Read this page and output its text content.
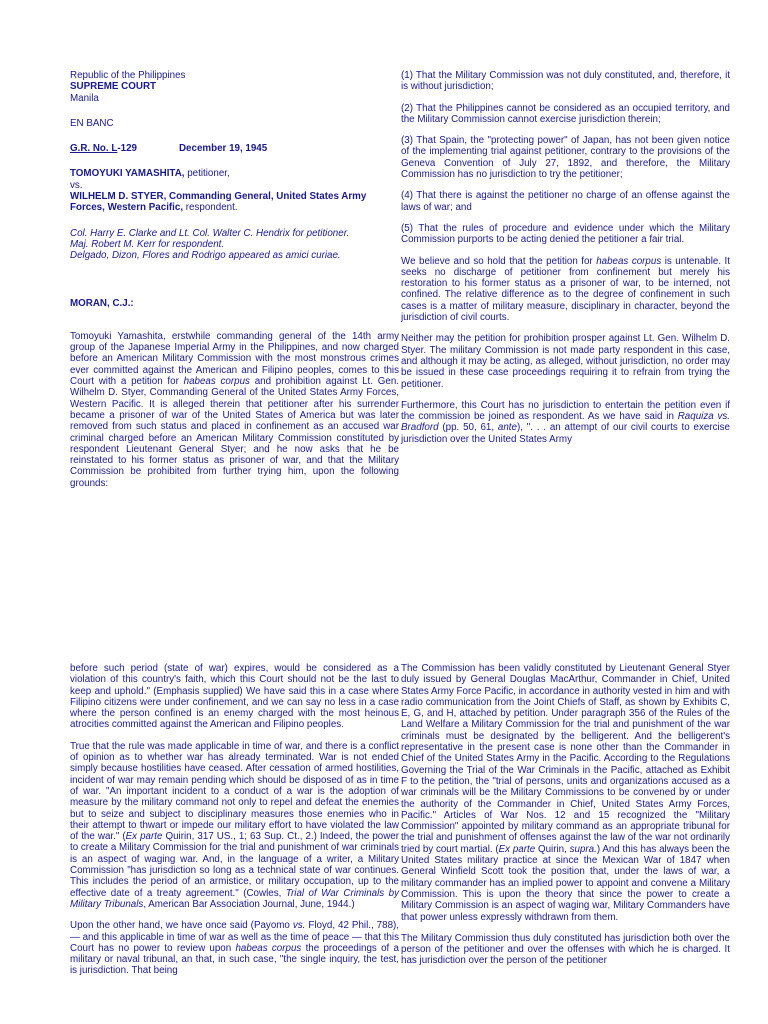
Republic of the Philippines

SUPREME COURT

Manila

EN BANC

G.R. No. L-129	December 19, 1945

TOMOYUKI YAMASHITA, petitioner,

vs.

WILHELM D. STYER, Commanding General, United States Army Forces, Western Pacific, respondent.

Col. Harry E. Clarke and Lt. Col. Walter C. Hendrix for petitioner.

Maj. Robert M. Kerr for respondent.

Delgado, Dizon, Flores and Rodrigo appeared as amici curiae.

MORAN, C.J.:

Tomoyuki Yamashita, erstwhile commanding general of the 14th army group of the Japanese Imperial Army in the Philippines, and now charged before an American Military Commission with the most monstrous crimes ever committed against the American and Filipino peoples, comes to this Court with a petition for habeas corpus and prohibition against Lt. Gen. Wilhelm D. Styer, Commanding General of the United States Army Forces, Western Pacific. It is alleged therein that petitioner after his surrender became a prisoner of war of the United States of America but was later removed from such status and placed in confinement as an accused war criminal charged before an American Military Commission constituted by respondent Lieutenant General Styer; and he now asks that he be reinstated to his former status as prisoner of war, and that the Military Commission be prohibited from further trying him, upon the following grounds:

(1) That the Military Commission was not duly constituted, and, therefore, it is without jurisdiction;

(2) That the Philippines cannot be considered as an occupied territory, and the Military Commission cannot exercise jurisdiction therein;

(3) That Spain, the "protecting power" of Japan, has not been given notice of the implementing trial against petitioner, contrary to the provisions of the Geneva Convention of July 27, 1892, and therefore, the Military Commission has no jurisdiction to try the petitioner;

(4) That there is against the petitioner no charge of an offense against the laws of war; and

(5) That the rules of procedure and evidence under which the Military Commission purports to be acting denied the petitioner a fair trial.

We believe and so hold that the petition for habeas corpus is untenable. It seeks no discharge of petitioner from confinement but merely his restoration to his former status as a prisoner of war, to be interned, not confined. The relative difference as to the degree of confinement in such cases is a matter of military measure, disciplinary in character, beyond the jurisdiction of civil courts.

Neither may the petition for prohibition prosper against Lt. Gen. Wilhelm D. Styer. The military Commission is not made party respondent in this case, and although it may be acting, as alleged, without jurisdiction, no order may be issued in these case proceedings requiring it to refrain from trying the petitioner.

Furthermore, this Court has no jurisdiction to entertain the petition even if the commission be joined as respondent. As we have said in Raquiza vs. Bradford (pp. 50, 61, ante), ". . . an attempt of our civil courts to exercise jurisdiction over the United States Army

before such period (state of war) expires, would be considered as a violation of this country's faith, which this Court should not be the last to keep and uphold." (Emphasis supplied) We have said this in a case where Filipino citizens were under confinement, and we can say no less in a case where the person confined is an enemy charged with the most heinous atrocities committed against the American and Filipino peoples.

True that the rule was made applicable in time of war, and there is a conflict of opinion as to whether war has already terminated. War is not ended simply because hostilities have ceased. After cessation of armed hostilities, incident of war may remain pending which should be disposed of as in time of war. "An important incident to a conduct of a war is the adoption of measure by the military command not only to repel and defeat the enemies but to seize and subject to disciplinary measures those enemies who in their attempt to thwart or impede our military effort to have violated the law of the war." (Ex parte Quirin, 317 US., 1; 63 Sup. Ct., 2.) Indeed, the power to create a Military Commission for the trial and punishment of war criminals is an aspect of waging war. And, in the language of a writer, a Military Commission "has jurisdiction so long as a technical state of war continues. This includes the period of an armistice, or military occupation, up to the effective date of a treaty agreement." (Cowles, Trial of War Criminals by Military Tribunals, American Bar Association Journal, June, 1944.)

Upon the other hand, we have once said (Payomo vs. Floyd, 42 Phil., 788), — and this applicable in time of war as well as the time of peace — that this Court has no power to review upon habeas corpus the proceedings of a military or naval tribunal, an that, in such case, "the single inquiry, the test, is jurisdiction. That being

The Commission has been validly constituted by Lieutenant General Styer duly issued by General Douglas MacArthur, Commander in Chief, United States Army Force Pacific, in accordance in authority vested in him and with radio communication from the Joint Chiefs of Staff, as shown by Exhibits C, E, G, and H, attached by petition. Under paragraph 356 of the Rules of the Land Welfare a Military Commission for the trial and punishment of the war criminals must be designated by the belligerent. And the belligerent's representative in the present case is none other than the Commander in Chief of the United States Army in the Pacific. According to the Regulations Governing the Trial of the War Criminals in the Pacific, attached as Exhibit F to the petition, the "trial of persons, units and organizations accused as a war criminals will be the Military Commissions to be convened by or under the authority of the Commander in Chief, United States Army Forces, Pacific." Articles of War Nos. 12 and 15 recognized the "Military Commission" appointed by military command as an appropriate tribunal for the trial and punishment of offenses against the law of the war not ordinarily tried by court martial. (Ex parte Quirin, supra.) And this has always been the United States military practice at since the Mexican War of 1847 when General Winfield Scott took the position that, under the laws of war, a military commander has an implied power to appoint and convene a Military Commission. This is upon the theory that since the power to create a Military Commission is an aspect of waging war, Military Commanders have that power unless expressly withdrawn from them.

The Military Commission thus duly constituted has jurisdiction both over the person of the petitioner and over the offenses with which he is charged. It has jurisdiction over the person of the petitioner
